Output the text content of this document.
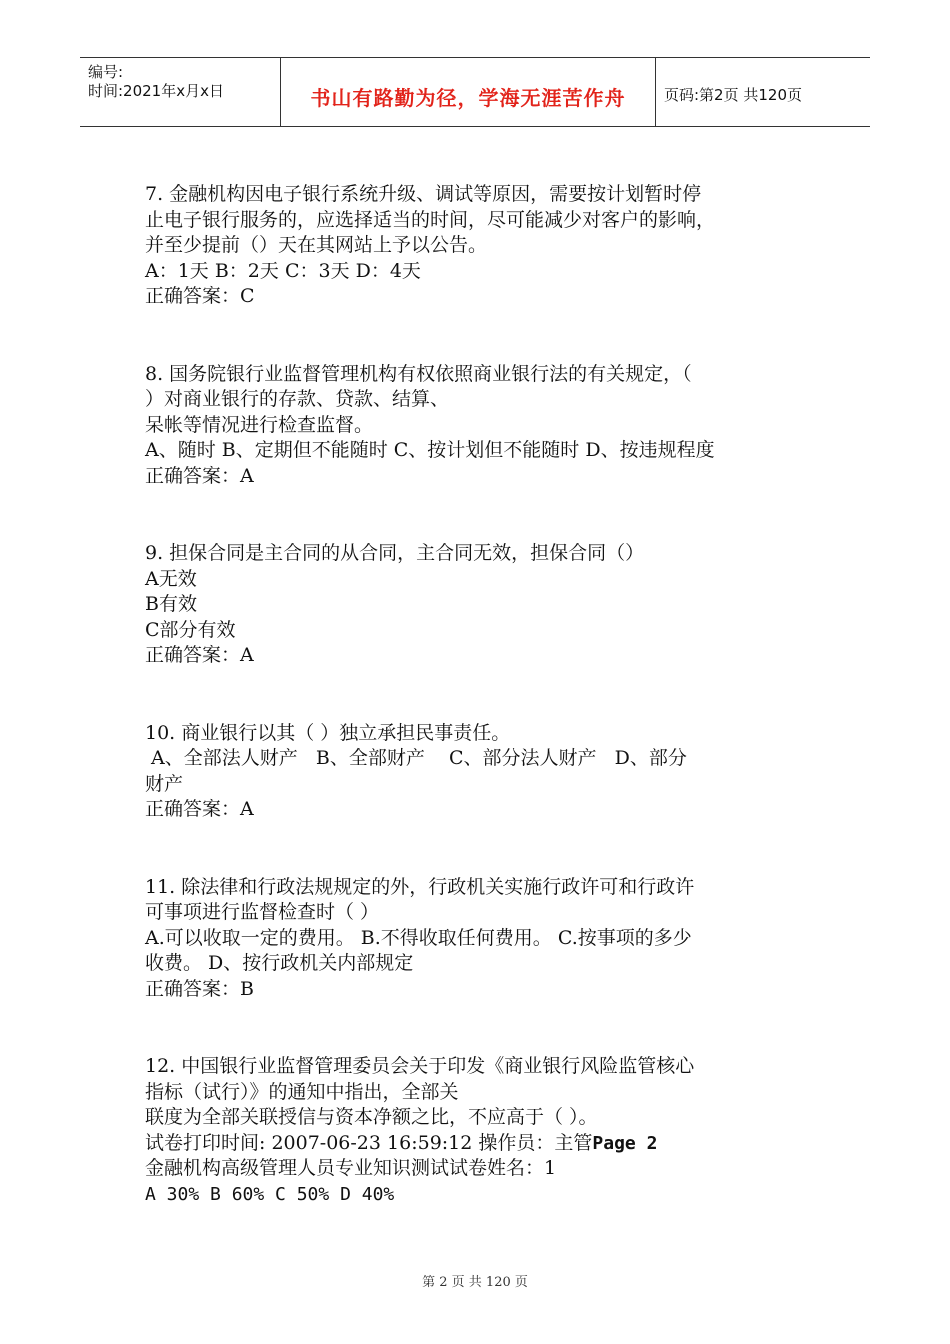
编号:
时间:2021年x月x日	书山有路勤为径，学海无涯苦作舟	页码:第2页 共120页

7. 金融机构因电子银行系统升级、调试等原因，需要按计划暂时停

止电子银行服务的，应选择适当的时间，尽可能减少对客户的影响，

并至少提前（）天在其网站上予以公告。

A：1天 B：2天 C：3天 D：4天

正确答案：C

8. 国务院银行业监督管理机构有权依照商业银行法的有关规定，（

）对商业银行的存款、贷款、结算、

呆帐等情况进行检查监督。

A、随时 B、定期但不能随时 C、按计划但不能随时 D、按违规程度

正确答案：A

9. 担保合同是主合同的从合同，主合同无效，担保合同（）

A无效

B有效

C部分有效

正确答案：A

10. 商业银行以其（ ）独立承担民事责任。

A、全部法人财产   B、全部财产    C、部分法人财产   D、部分

财产

正确答案：A

11. 除法律和行政法规规定的外，行政机关实施行政许可和行政许

可事项进行监督检查时（ ）

A.可以收取一定的费用。 B.不得收取任何费用。 C.按事项的多少

收费。 D、按行政机关内部规定

正确答案：B

12. 中国银行业监督管理委员会关于印发《商业银行风险监管核心

指标（试行）》的通知中指出，全部关

联度为全部关联授信与资本净额之比，不应高于（ ）。

试卷打印时间: 2007-06-23 16:59:12 操作员：主管Page 2

金融机构高级管理人员专业知识测试试卷姓名：1

A 30% B 60% C 50% D 40%

第 2 页 共 120 页
